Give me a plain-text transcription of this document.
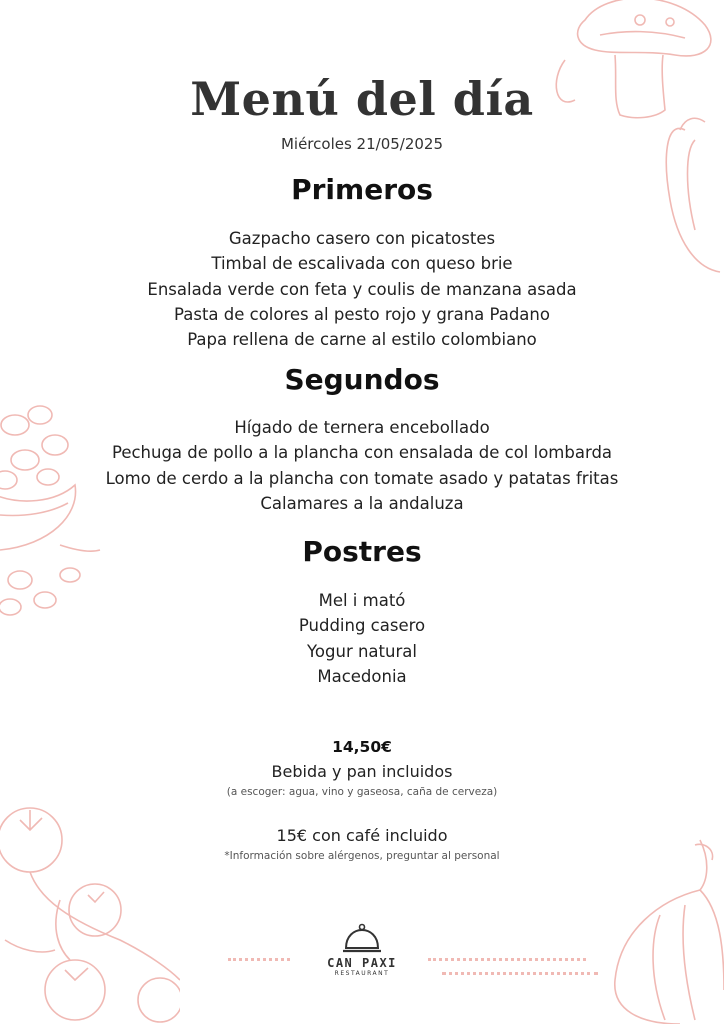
Menú del día
Miércoles 21/05/2025
Primeros
Gazpacho casero con picatostes
Timbal de escalivada con queso brie
Ensalada verde con feta y coulis de manzana asada
Pasta de colores al pesto rojo y grana Padano
Papa rellena de carne al estilo colombiano
Segundos
Hígado de ternera encebollado
Pechuga de pollo a la plancha con ensalada de col lombarda
Lomo de cerdo a la plancha con tomate asado y patatas fritas
Calamares a la andaluza
Postres
Mel i mató
Pudding casero
Yogur natural
Macedonia
14,50€
Bebida y pan incluidos
(a escoger: agua, vino y gaseosa, caña de cerveza)
15€ con café incluido
*Información sobre alérgenos, preguntar al personal
CAN PAXI
RESTAURANT
